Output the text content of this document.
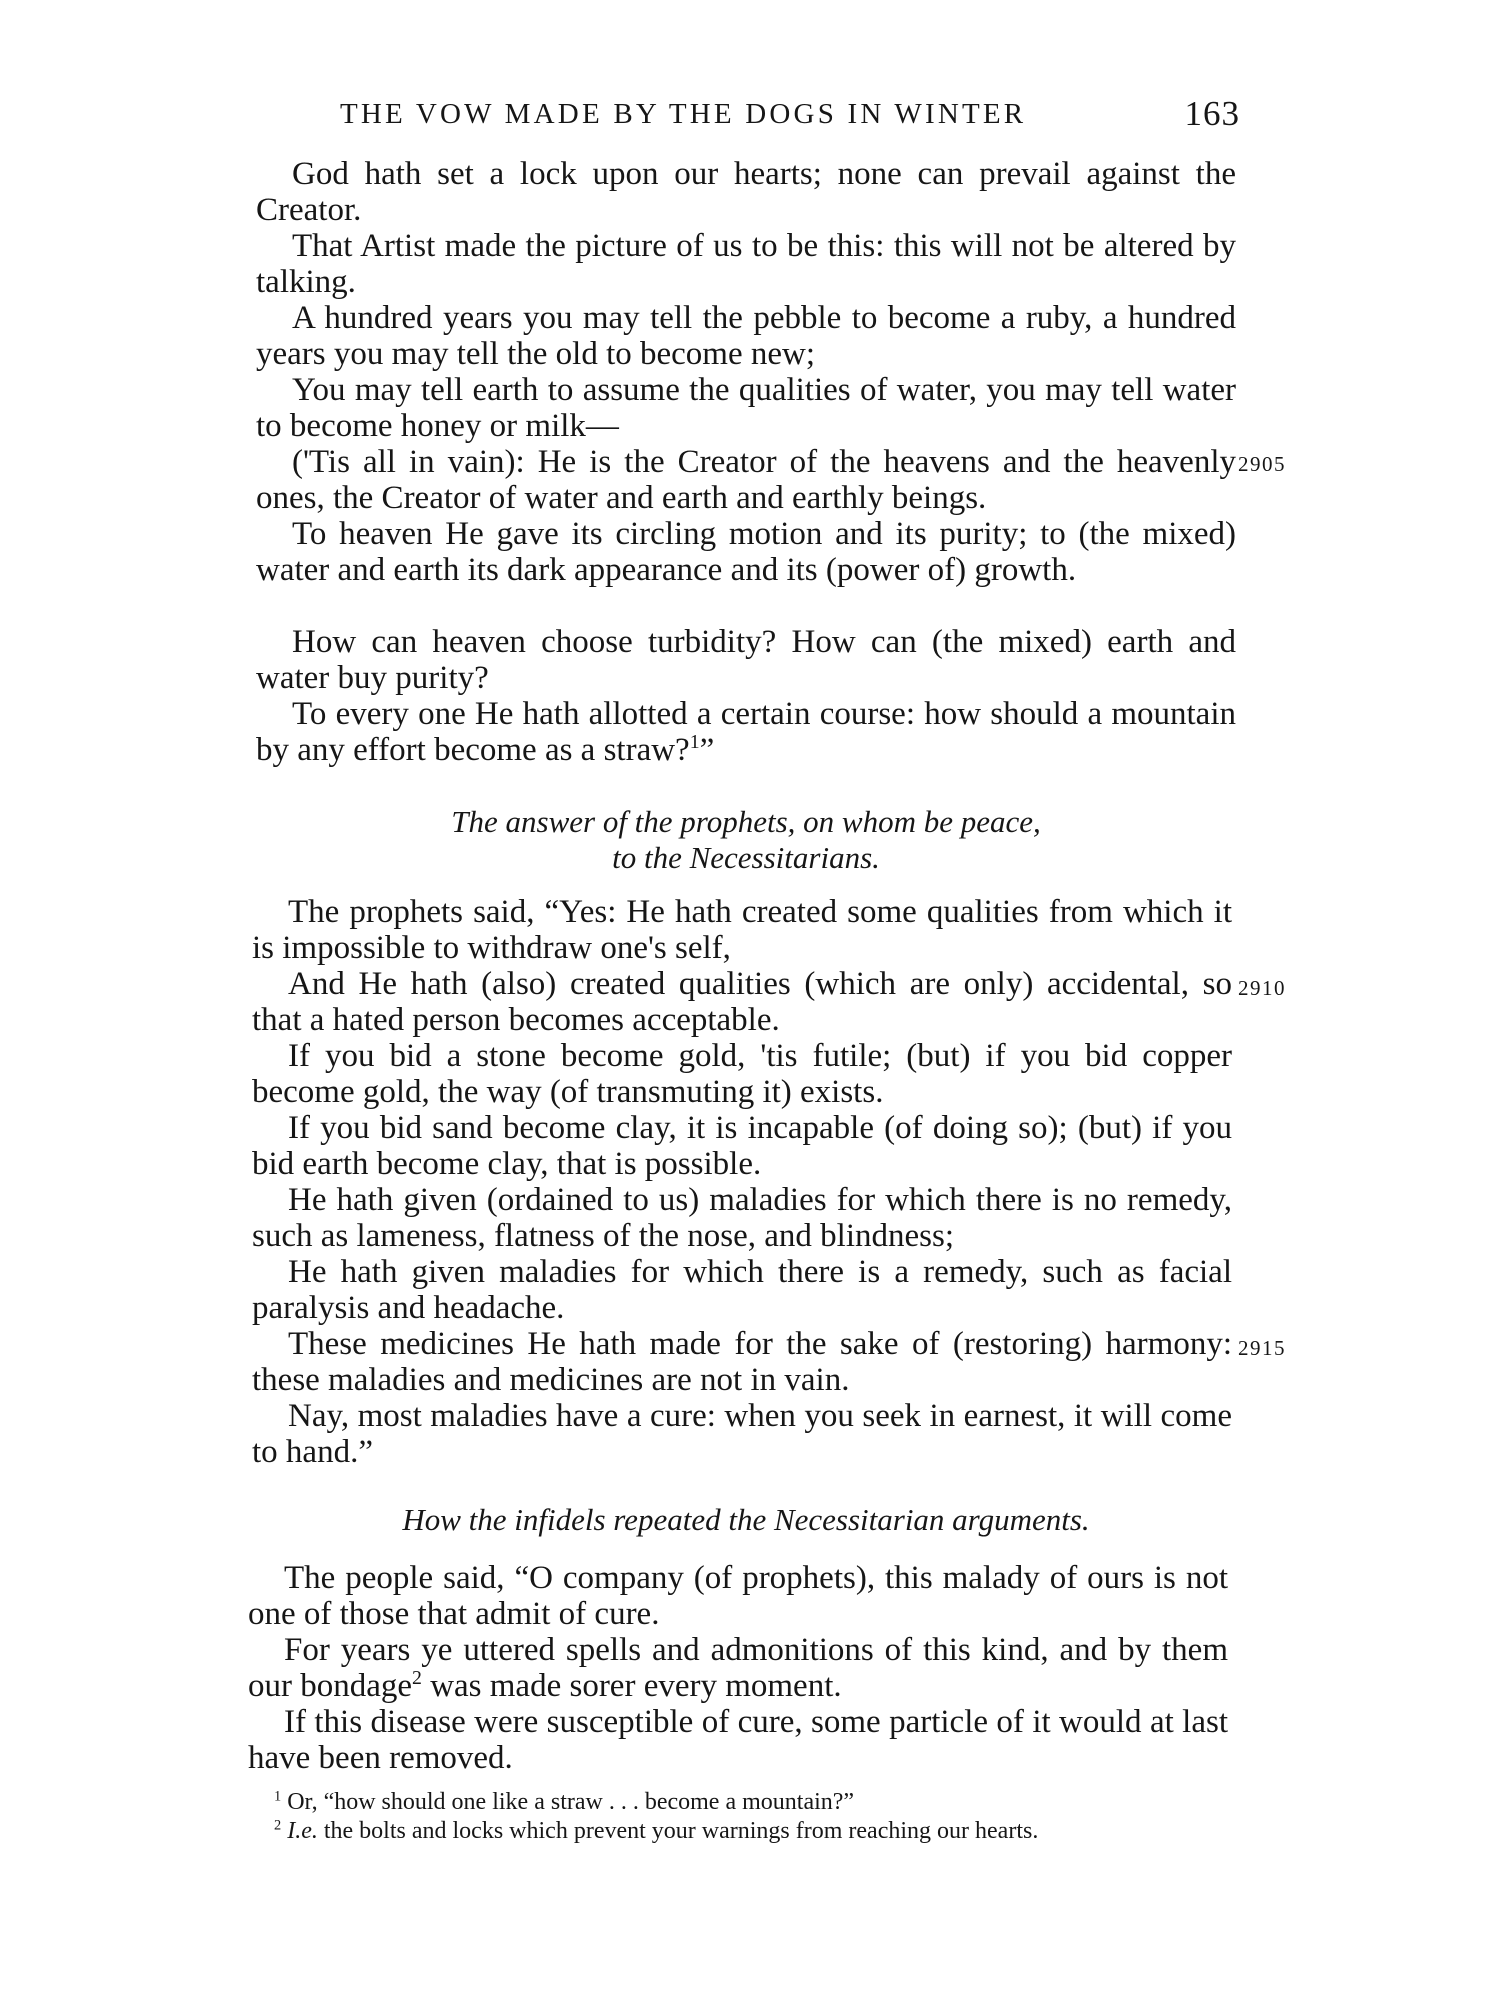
THE VOW MADE BY THE DOGS IN WINTER	163

God hath set a lock upon our hearts; none can prevail against the Creator.

That Artist made the picture of us to be this: this will not be altered by talking.

A hundred years you may tell the pebble to become a ruby, a hundred years you may tell the old to become new;

You may tell earth to assume the qualities of water, you may tell water to become honey or milk—

('Tis all in vain): He is the Creator of the heavens and the heavenly ones, the Creator of water and earth and earthly beings.

2905

To heaven He gave its circling motion and its purity; to (the mixed) water and earth its dark appearance and its (power of) growth.

How can heaven choose turbidity? How can (the mixed) earth and water buy purity?

To every one He hath allotted a certain course: how should a mountain by any effort become as a straw?$^1$”

The answer of the prophets, on whom be peace,
to the Necessitarians.

The prophets said, “Yes: He hath created some qualities from which it is impossible to withdraw one's self,

And He hath (also) created qualities (which are only) accidental, so that a hated person becomes acceptable.

2910

If you bid a stone become gold, 'tis futile; (but) if you bid copper become gold, the way (of transmuting it) exists.

If you bid sand become clay, it is incapable (of doing so); (but) if you bid earth become clay, that is possible.

He hath given (ordained to us) maladies for which there is no remedy, such as lameness, flatness of the nose, and blindness;

He hath given maladies for which there is a remedy, such as facial paralysis and headache.

These medicines He hath made for the sake of (restoring) harmony: these maladies and medicines are not in vain.

2915

Nay, most maladies have a cure: when you seek in earnest, it will come to hand.”

How the infidels repeated the Necessitarian arguments.

The people said, “O company (of prophets), this malady of ours is not one of those that admit of cure.

For years ye uttered spells and admonitions of this kind, and by them our bondage$^2$ was made sorer every moment.

If this disease were susceptible of cure, some particle of it would at last have been removed.

$^1$ Or, “how should one like a straw . . . become a mountain?”

$^2$ I.e. the bolts and locks which prevent your warnings from reaching our hearts.
